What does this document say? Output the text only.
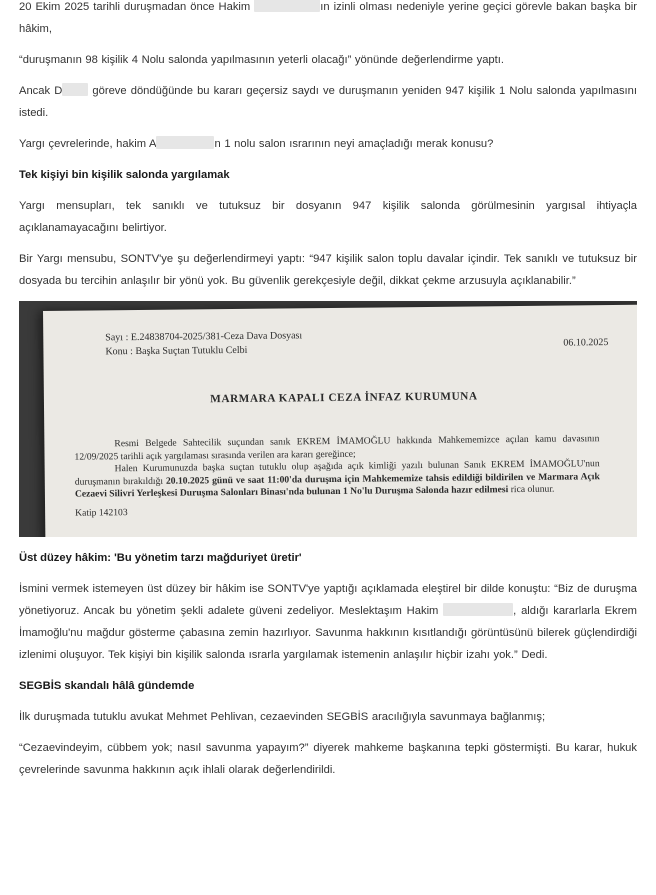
20 Ekim 2025 tarihli duruşmadan önce Hakim	ın izinli olması nedeniyle yerine geçici görevle bakan başka bir hâkim,

“duruşmanın 98 kişilik 4 Nolu salonda yapılmasının yeterli olacağı” yönünde değerlendirme yaptı.

Ancak D göreve döndüğünde bu kararı geçersiz saydı ve duruşmanın yeniden 947 kişilik 1 Nolu salonda yapılmasını istedi.

Yargı çevrelerinde, hakim A	n 1 nolu salon ısrarının neyi amaçladığı merak konusu?

Tek kişiyi bin kişilik salonda yargılamak

Yargı mensupları, tek sanıklı ve tutuksuz bir dosyanın 947 kişilik salonda görülmesinin yargısal ihtiyaçla açıklanamayacağını belirtiyor.

Bir Yargı mensubu, SONTV'ye şu değerlendirmeyi yaptı: “947 kişilik salon toplu davalar içindir. Tek sanıklı ve tutuksuz bir dosyada bu tercihin anlaşılır bir yönü yok. Bu güvenlik gerekçesiyle değil, dikkat çekme arzusuyla açıklanabilir.”

Sayı : E.24838704-2025/381-Ceza Dava Dosyası
Konu : Başka Suçtan Tutuklu Celbi
06.10.2025
MARMARA KAPALI CEZA İNFAZ KURUMUNA

Resmi Belgede Sahtecilik suçundan sanık EKREM İMAMOĞLU hakkında Mahkememizce açılan kamu davasının 12/09/2025 tarihli açık yargılaması sırasında verilen ara kararı gereğince;

Halen Kurumunuzda başka suçtan tutuklu olup aşağıda açık kimliği yazılı bulunan Sanık EKREM İMAMOĞLU'nun duruşmanın bırakıldığı 20.10.2025 günü ve saat 11:00'da duruşma için Mahkememize tahsis edildiği bildirilen ve Marmara Açık Cezaevi Silivri Yerleşkesi Duruşma Salonları Binası'nda bulunan 1 No'lu Duruşma Salonda hazır edilmesi rica olunur.

Katip 142103

Üst düzey hâkim: 'Bu yönetim tarzı mağduriyet üretir'

İsmini vermek istemeyen üst düzey bir hâkim ise SONTV'ye yaptığı açıklamada eleştirel bir dilde konuştu: “Biz de duruşma yönetiyoruz. Ancak bu yönetim şekli adalete güveni zedeliyor. Meslektaşım Hakim	, aldığı kararlarla Ekrem İmamoğlu'nu mağdur gösterme çabasına zemin hazırlıyor. Savunma hakkının kısıtlandığı görüntüsünü bilerek güçlendirdiği izlenimi oluşuyor. Tek kişiyi bin kişilik salonda ısrarla yargılamak istemenin anlaşılır hiçbir izahı yok.” Dedi.

SEGBİS skandalı hâlâ gündemde

İlk duruşmada tutuklu avukat Mehmet Pehlivan, cezaevinden SEGBİS aracılığıyla savunmaya bağlanmış;

“Cezaevindeyim, cübbem yok; nasıl savunma yapayım?” diyerek mahkeme başkanına tepki göstermişti. Bu karar, hukuk çevrelerinde savunma hakkının açık ihlali olarak değerlendirildi.
